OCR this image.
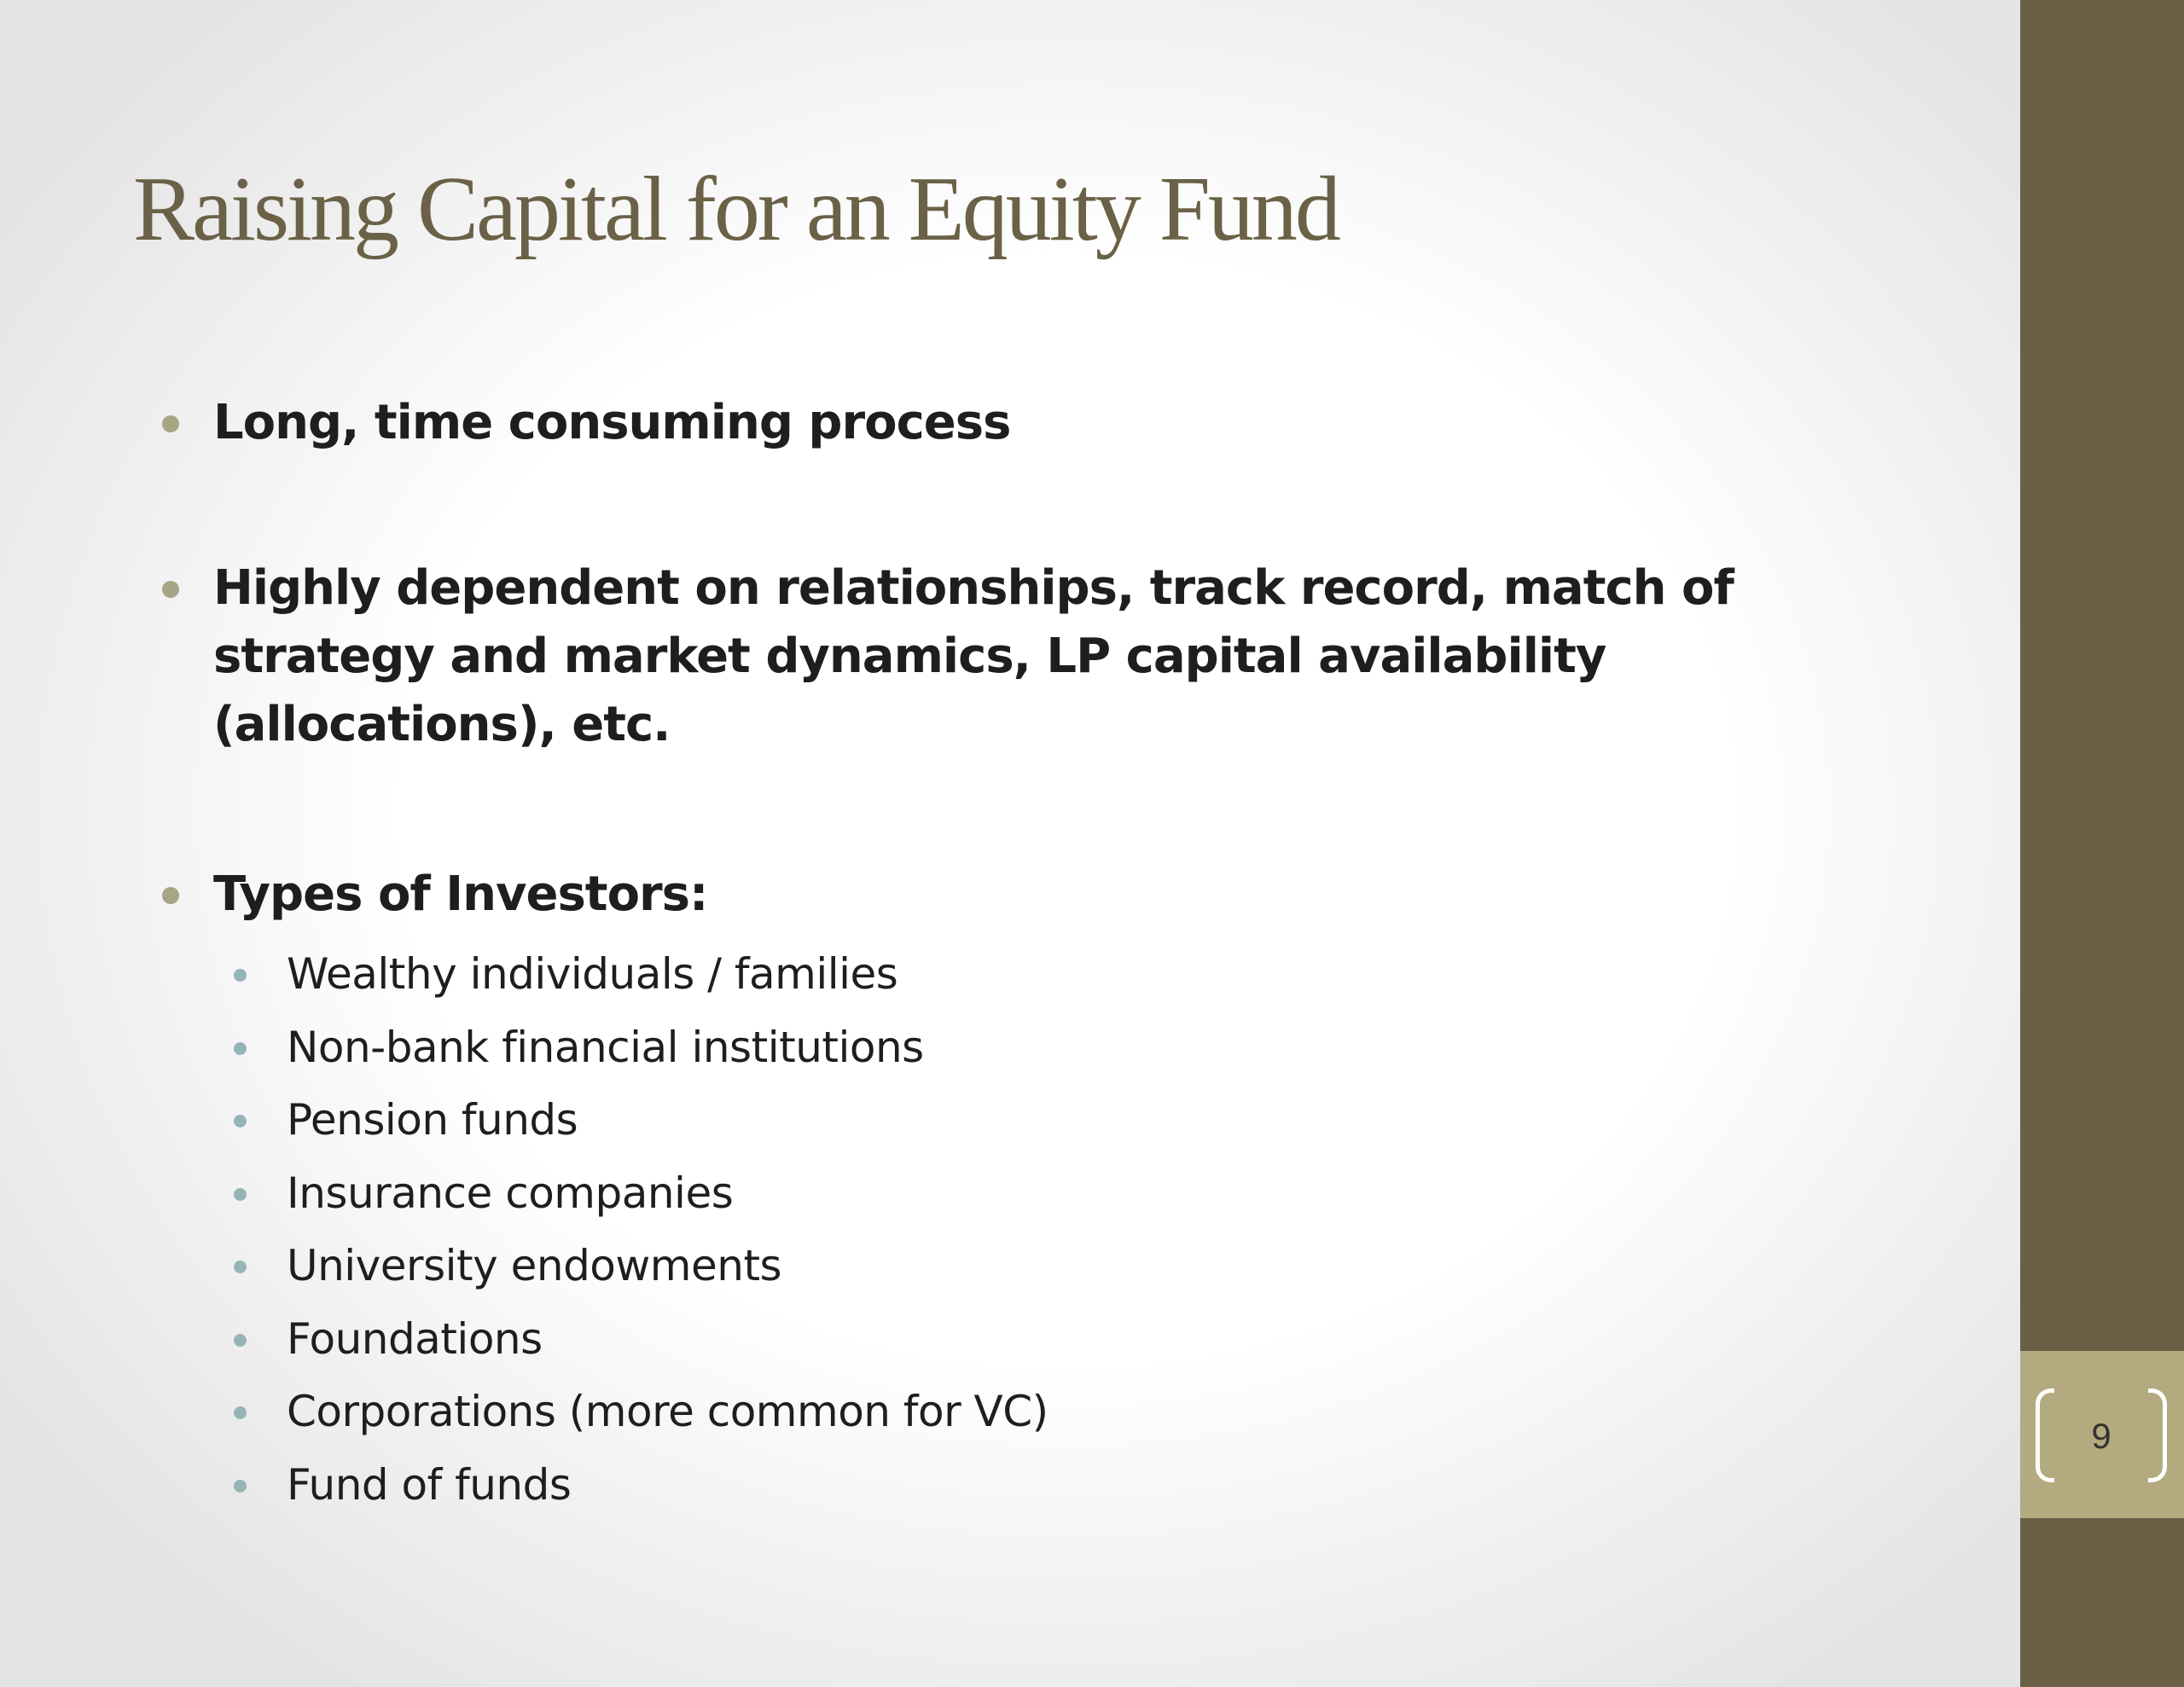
9
Raising Capital for an Equity Fund

Long, time consuming process

Highly dependent on relationships, track record, match of strategy and market dynamics, LP capital availability (allocations), etc.

Types of Investors:

Wealthy individuals / families
Non-bank financial institutions
Pension funds
Insurance companies
University endowments
Foundations
Corporations (more common for VC)
Fund of funds
